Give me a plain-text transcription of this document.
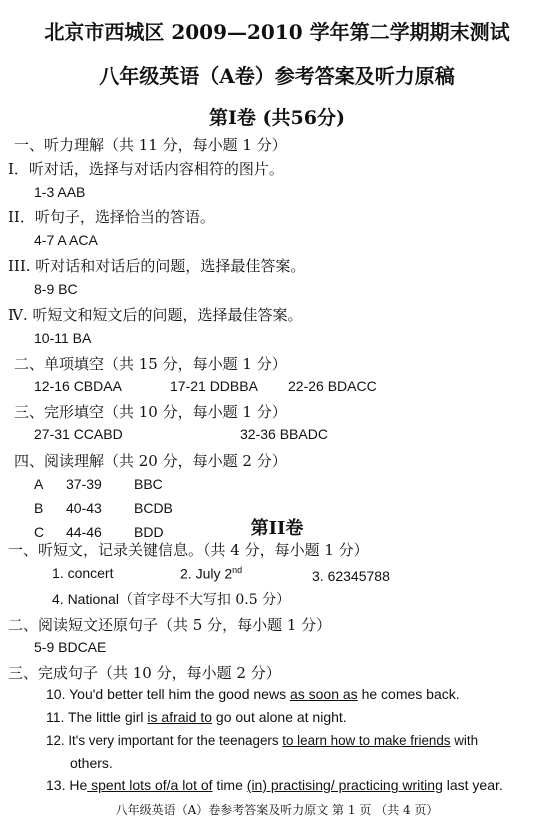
北京市西城区 2009—2010 学年第二学期期末测试
八年级英语（A卷）参考答案及听力原稿
第I卷 (共56分)
一、听力理解（共 11 分，每小题 1 分）
I．听对话，选择与对话内容相符的图片。
1-3 AAB
II．听句子，选择恰当的答语。
4-7 A ACA
III. 听对话和对话后的问题，选择最佳答案。
8-9 BC
Ⅳ. 听短文和短文后的问题，选择最佳答案。
10-11 BA
二、单项填空（共 15 分，每小题 1 分）
12-16 CBDAA	17-21 DDBBA 22-26 BDACC
三、完形填空（共 10 分，每小题 1 分）
27-31 CCABD	32-36 BBADC
四、阅读理解（共 20 分，每小题 2 分）
A 37-39 BBC
B 40-43 BCDB
C 44-46 BDD	第II卷
一、听短文，记录关键信息。（共 4 分，每小题 1 分）
1. concert	2. July 2nd	3. 62345788
4. National（首字母不大写扣 0.5 分）
二、阅读短文还原句子（共 5 分，每小题 1 分）
5-9 BDCAE
三、完成句子（共 10 分，每小题 2 分）
10. You'd better tell him the good news as soon as he comes back.
11. The little girl is afraid to go out alone at night.
12. It's very important for the teenagers to learn how to make friends with
others.
13. He spent lots of/a lot of time (in) practising/ practicing writing last year.
八年级英语（A）卷参考答案及听力原文 第 1 页 （共 4 页）
